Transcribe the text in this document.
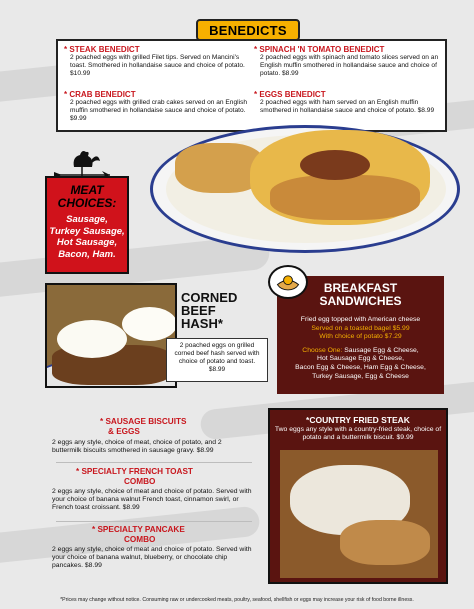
* STEAK BENEDICT
2 poached eggs with grilled Filet tips. Served on Mancini's toast. Smothered in hollandaise sauce and choice of potato. $10.99
* SPINACH 'N TOMATO BENEDICT
2 poached eggs with spinach and tomato slices served on an English muffin smothered in hollandaise sauce and choice of potato. $8.99
* CRAB BENEDICT
2 poached eggs with grilled crab cakes served on an English muffin smothered in hollandaise sauce and choice of potato. $9.99
* EGGS BENEDICT
2 poached eggs with ham served on an English muffin smothered in hollandaise sauce and choice of potato. $8.99
BENEDICTS
MEAT
CHOICES:
Sausage,
Turkey Sausage,
Hot Sausage,
Bacon, Ham.
CORNED
BEEF
HASH*
2 poached eggs on grilled corned beef hash served with choice of potato and toast. $8.99
BREAKFAST
SANDWICHES
Fried egg topped with American cheese
Served on a toasted bagel $5.99
With choice of potato $7.29
Choose One: Sausage Egg & Cheese,
Hot Sausage Egg & Cheese,
Bacon Egg & Cheese, Ham Egg & Cheese,
Turkey Sausage, Egg & Cheese
* SAUSAGE BISCUITS
& EGGS
2 eggs any style, choice of meat, choice of potato, and 2 buttermilk biscuits smothered in sausage gravy. $8.99
* SPECIALTY FRENCH TOAST
COMBO
2 eggs any style, choice of meat and choice of potato. Served with your choice of banana walnut French toast, cinnamon swirl, or French toast croissant. $8.99
* SPECIALTY PANCAKE
COMBO
2 eggs any style, choice of meat and choice of potato. Served with your choice of banana walnut, blueberry, or chocolate chip pancakes. $8.99
*COUNTRY FRIED STEAK
Two eggs any style with a country-fried steak, choice of potato and a buttermilk biscuit. $9.99
*Prices may change without notice. Consuming raw or undercooked meats, poultry, seafood, shellfish or eggs may increase your risk of food borne illness.
